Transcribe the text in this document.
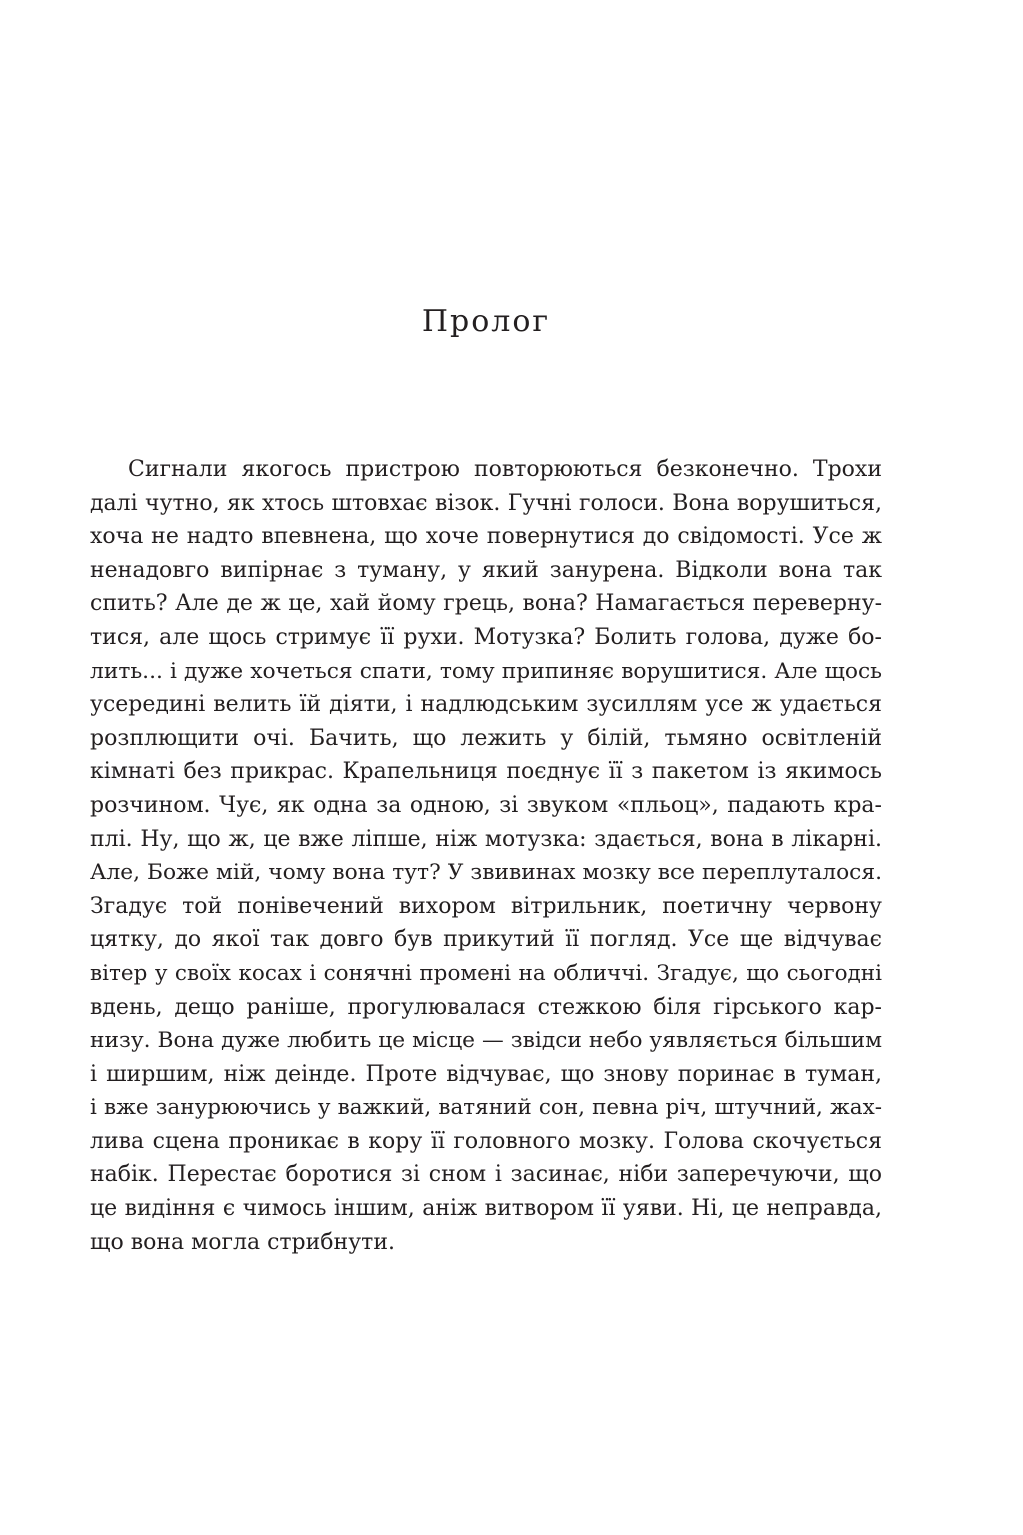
Пролог
Сигнали якогось пристрою повторюються безконечно. Трохи
далі чутно, як хтось штовхає візок. Гучні голоси. Вона ворушиться,
хоча не надто впевнена, що хоче повернутися до свідомості. Усе ж
ненадовго випірнає з туману, у який занурена. Відколи вона так
спить? Але де ж це, хай йому грець, вона? Намагається переверну-
тися, але щось стримує її рухи. Мотузка? Болить голова, дуже бо-
лить... і дуже хочеться спати, тому припиняє ворушитися. Але щось
усередині велить їй діяти, і надлюдським зусиллям усе ж удається
розплющити очі. Бачить, що лежить у білій, тьмяно освітленій
кімнаті без прикрас. Крапельниця поєднує її з пакетом із якимось
розчином. Чує, як одна за одною, зі звуком «пльоц», падають кра-
плі. Ну, що ж, це вже ліпше, ніж мотузка: здається, вона в лікарні.
Але, Боже мій, чому вона тут? У звивинах мозку все переплуталося.
Згадує той понівечений вихором вітрильник, поетичну червону
цятку, до якої так довго був прикутий її погляд. Усе ще відчуває
вітер у своїх косах і сонячні промені на обличчі. Згадує, що сьогодні
вдень, дещо раніше, прогулювалася стежкою біля гірського кар-
низу. Вона дуже любить це місце — звідси небо уявляється більшим
і ширшим, ніж деінде. Проте відчуває, що знову поринає в туман,
і вже занурюючись у важкий, ватяний сон, певна річ, штучний, жах-
лива сцена проникає в кору її головного мозку. Голова скочується
набік. Перестає боротися зі сном і засинає, ніби заперечуючи, що
це видіння є чимось іншим, аніж витвором її уяви. Ні, це неправда,
що вона могла стрибнути.
